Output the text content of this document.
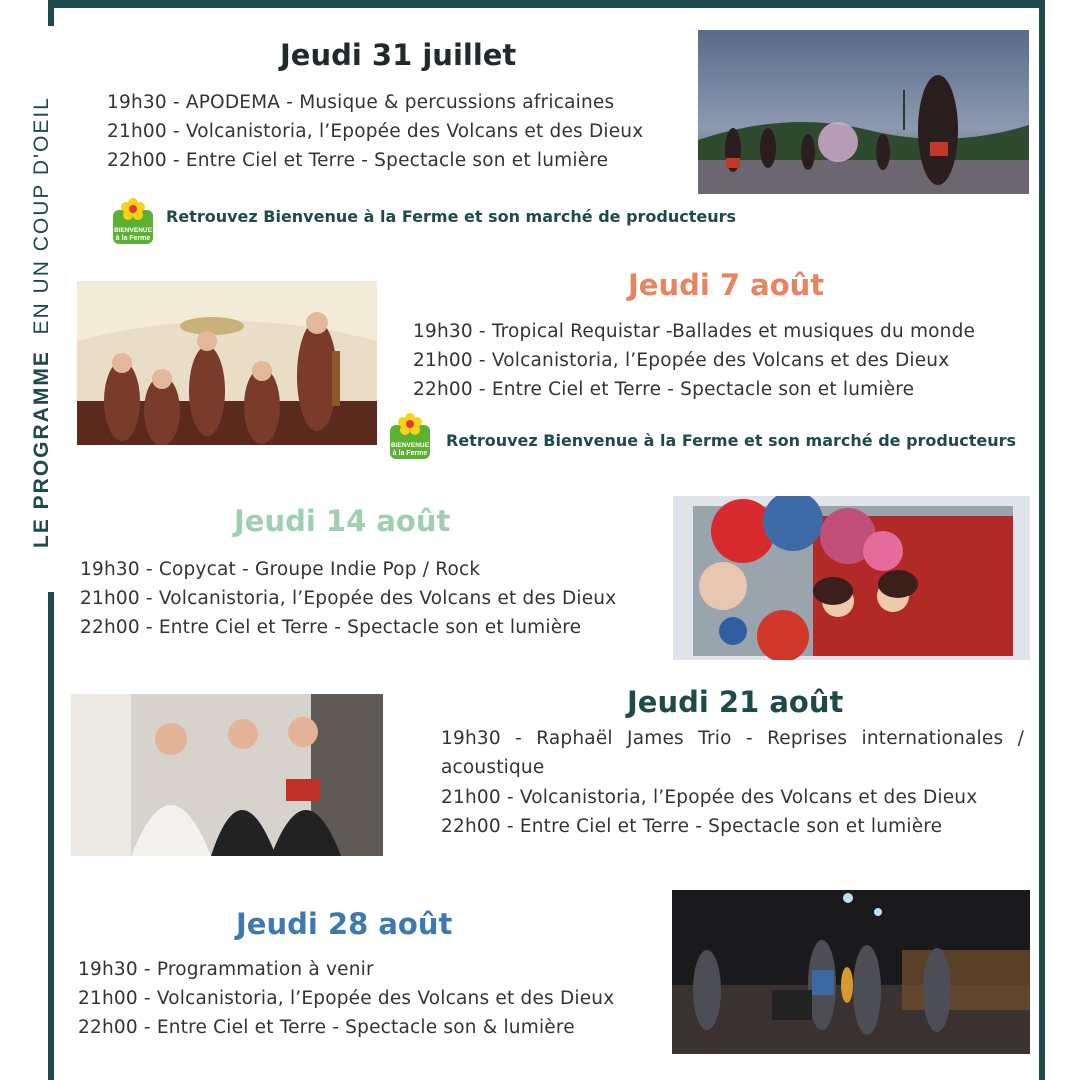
LE PROGRAMME  EN UN COUP D'OEIL
Jeudi 31 juillet
19h30 - APODEMA - Musique & percussions africaines
21h00 - Volcanistoria, l’Epopée des Volcans et des Dieux
22h00 - Entre Ciel et Terre - Spectacle son et lumière
BIENVENUE
à la Ferme
Retrouvez Bienvenue à la Ferme et son marché de producteurs
Jeudi 7 août
19h30 - Tropical Requistar -Ballades et musiques du monde
21h00 - Volcanistoria, l’Epopée des Volcans et des Dieux
22h00 - Entre Ciel et Terre - Spectacle son et lumière
BIENVENUE
à la Ferme
Retrouvez Bienvenue à la Ferme et son marché de producteurs
Jeudi 14 août
19h30 - Copycat - Groupe Indie Pop / Rock
21h00 - Volcanistoria, l’Epopée des Volcans et des Dieux
22h00 - Entre Ciel et Terre - Spectacle son et lumière
Jeudi 21 août
19h30 - Raphaël James Trio - Reprises internationales / acoustique
21h00 - Volcanistoria, l’Epopée des Volcans et des Dieux
22h00 - Entre Ciel et Terre - Spectacle son et lumière
Jeudi 28 août
19h30 - Programmation à venir
21h00 - Volcanistoria, l’Epopée des Volcans et des Dieux
22h00 - Entre Ciel et Terre - Spectacle son & lumière
